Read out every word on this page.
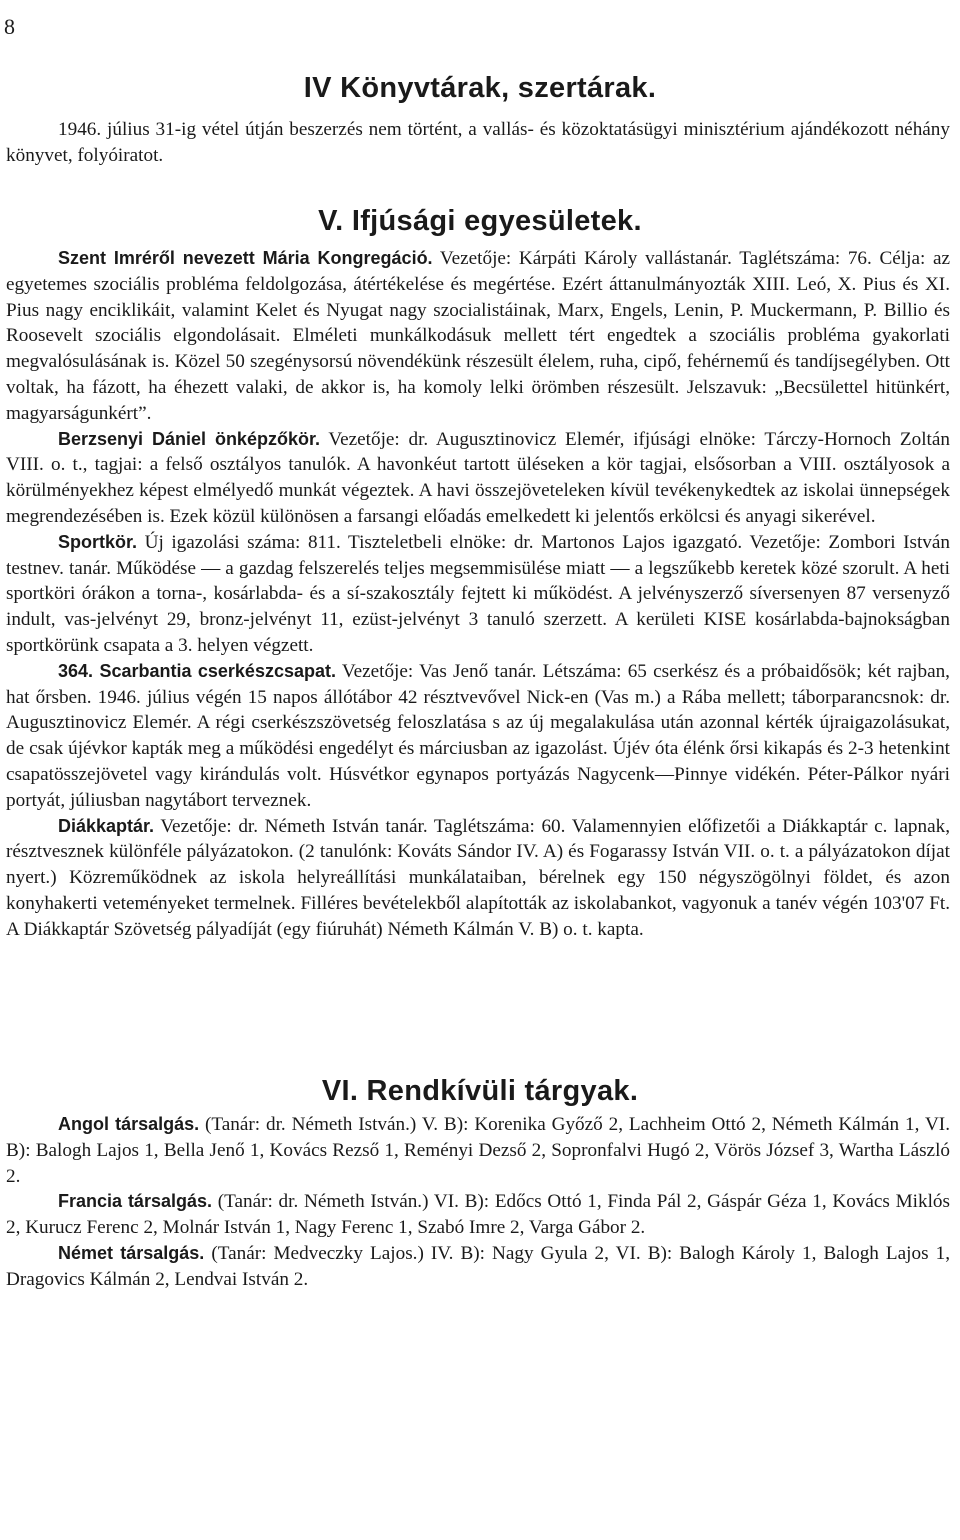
8
IV Könyvtárak, szertárak.

1946. július 31-ig vétel útján beszerzés nem történt, a vallás- és közoktatásügyi minisztérium ajándékozott néhány könyvet, folyóiratot.

V. Ifjúsági egyesületek.

Szent Imréről nevezett Mária Kongregáció. Vezetője: Kárpáti Károly vallástanár. Taglétszáma: 76. Célja: az egyetemes szociális probléma feldolgozása, átértékelése és megértése. Ezért áttanulmányozták XIII. Leó, X. Pius és XI. Pius nagy enciklikáit, valamint Kelet és Nyugat nagy szocialistáinak, Marx, Engels, Lenin, P. Muckermann, P. Billio és Roosevelt szociális elgondolásait. Elméleti munkálkodásuk mellett tért engedtek a szociális probléma gyakorlati megvalósulásának is. Közel 50 szegénysorsú növendékünk részesült élelem, ruha, cipő, fehérnemű és tandíjsegélyben. Ott voltak, ha fázott, ha éhezett valaki, de akkor is, ha komoly lelki örömben részesült. Jelszavuk: „Becsülettel hitünkért, magyarságunkért”.

Berzsenyi Dániel önképzőkör. Vezetője: dr. Augusztinovicz Elemér, ifjúsági elnöke: Tárczy-Hornoch Zoltán VIII. o. t., tagjai: a felső osztályos tanulók. A havonkéut tartott üléseken a kör tagjai, elsősorban a VIII. osztályosok a körülményekhez képest elmélyedő munkát végeztek. A havi összejöveteleken kívül tevékenykedtek az iskolai ünnepségek megrendezésében is. Ezek közül különösen a farsangi előadás emelkedett ki jelentős erkölcsi és anyagi sikerével.

Sportkör. Új igazolási száma: 811. Tiszteletbeli elnöke: dr. Martonos Lajos igazgató. Vezetője: Zombori István testnev. tanár. Működése — a gazdag felszerelés teljes megsemmisülése miatt — a legszűkebb keretek közé szorult. A heti sportköri órákon a torna-, kosárlabda- és a sí-szakosztály fejtett ki működést. A jelvényszerző síversenyen 87 versenyző indult, vas-jelvényt 29, bronz-jelvényt 11, ezüst-jelvényt 3 tanuló szerzett. A kerületi KISE kosárlabda-bajnokságban sportkörünk csapata a 3. helyen végzett.

364. Scarbantia cserkészcsapat. Vezetője: Vas Jenő tanár. Létszáma: 65 cserkész és a próbaidősök; két rajban, hat őrsben. 1946. július végén 15 napos állótábor 42 résztvevővel Nick-en (Vas m.) a Rába mellett; táborparancsnok: dr. Augusztinovicz Elemér. A régi cserkészszövetség feloszlatása s az új megalakulása után azonnal kérték újraigazolásukat, de csak újévkor kapták meg a működési engedélyt és márciusban az igazolást. Újév óta élénk őrsi kikapás és 2-3 hetenkint csapatösszejövetel vagy kirándulás volt. Húsvétkor egynapos portyázás Nagycenk—Pinnye vidékén. Péter-Pálkor nyári portyát, júliusban nagytábort terveznek.

Diákkaptár. Vezetője: dr. Németh István tanár. Taglétszáma: 60. Valamennyien előfizetői a Diákkaptár c. lapnak, résztvesznek különféle pályázatokon. (2 tanulónk: Kováts Sándor IV. A) és Fogarassy István VII. o. t. a pályázatokon díjat nyert.) Közreműködnek az iskola helyreállítási munkálataiban, bérelnek egy 150 négyszögölnyi földet, és azon konyhakerti veteményeket termelnek. Filléres bevételekből alapították az iskolabankot, vagyonuk a tanév végén 103'07 Ft. A Diákkaptár Szövetség pályadíját (egy fiúruhát) Németh Kálmán V. B) o. t. kapta.

VI. Rendkívüli tárgyak.

Angol társalgás. (Tanár: dr. Németh István.) V. B): Korenika Győző 2, Lachheim Ottó 2, Németh Kálmán 1, VI. B): Balogh Lajos 1, Bella Jenő 1, Kovács Rezső 1, Reményi Dezső 2, Sopronfalvi Hugó 2, Vörös József 3, Wartha László 2.

Francia társalgás. (Tanár: dr. Németh István.) VI. B): Edőcs Ottó 1, Finda Pál 2, Gáspár Géza 1, Kovács Miklós 2, Kurucz Ferenc 2, Molnár István 1, Nagy Ferenc 1, Szabó Imre 2, Varga Gábor 2.

Német társalgás. (Tanár: Medveczky Lajos.) IV. B): Nagy Gyula 2, VI. B): Balogh Károly 1, Balogh Lajos 1, Dragovics Kálmán 2, Lendvai István 2.
